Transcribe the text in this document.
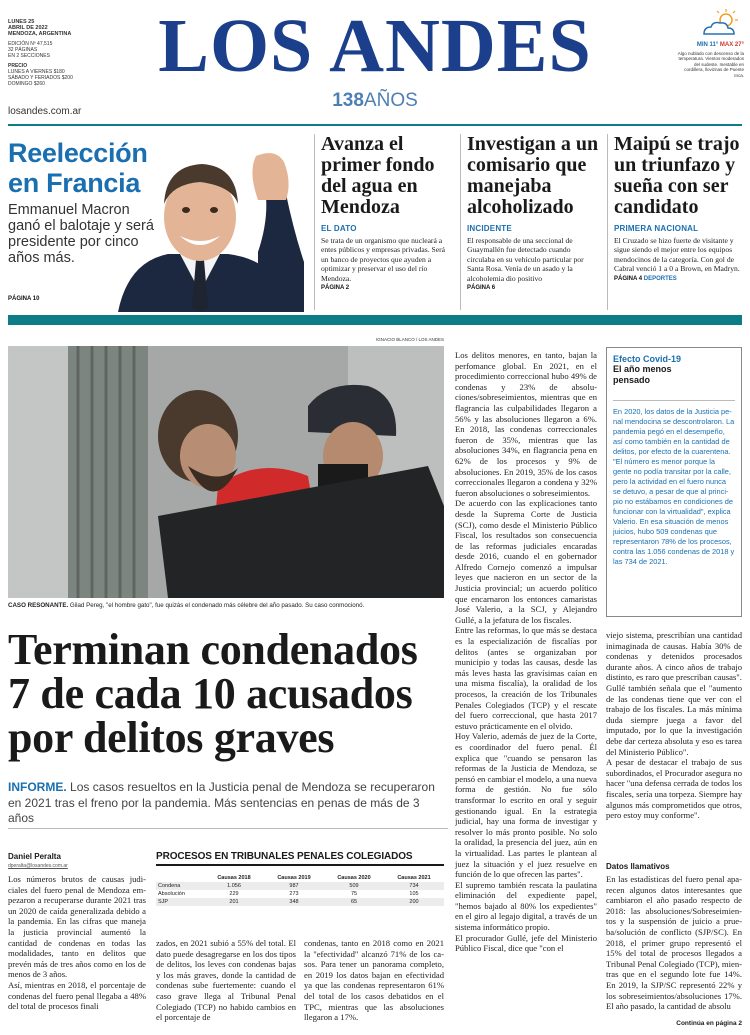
LUNES 25
ABRIL DE 2022
MENDOZA, ARGENTINA
EDICIÓN Nº 47,515
32 PÁGINAS
EN 2 SECCIONES
PRECIO
LUNES A VIERNES $180
SÁBADO Y FERIADOS $200
DOMINGO $260	LOS ANDES
138AÑOS
losandes.com.ar
MIN 11° MAX 27°
Algo nublado con descenso de la temperatura. Vientos moderados del sudeste. Inestable en cordillera, lloviznas de Puente Inca.
Reelección en Francia
Emmanuel Macron ganó el balotaje y será presidente por cinco años más.
PÁGINA 10
Avanza el primer fondo del agua en Mendoza
EL DATO
Se trata de un organismo que nucleará a entes públicos y empresas privadas. Será un banco de proyectos que ayuden a optimizar y preservar el uso del río Mendoza.
PÁGINA 2
Investigan a un comisario que manejaba alcoholizado
INCIDENTE
El responsable de una seccional de Guaymallén fue detectado cuando circulaba en su vehículo particular por Santa Rosa. Venía de un asado y la alcoholemia dio positivo
PÁGINA 6
Maipú se trajo un triunfazo y sueña con ser candidato
PRIMERA NACIONAL
El Cruzado se hizo fuerte de visitante y sigue siendo el mejor entre los equipos mendocinos de la categoría. Con gol de Cabral venció 1 a 0 a Brown, en Madryn.
PÁGINA 4 DEPORTES
IGNACIO BLANCO / LOS ANDES
CASO RESONANTE. Gilad Pereg, "el hombre gato", fue quizás el condenado más célebre del año pasado. Su caso conmocionó.
Terminan condenados 7 de cada 10 acusados por delitos graves
INFORME. Los casos resueltos en la Justicia penal de Mendoza se recuperaron en 2021 tras el freno por la pandemia. Más sentencias en penas de más de 3 años
Daniel Peralta
dperalta@losandes.com.ar
Los números brutos de causas judiciales del fuero penal de Mendoza empezaron a recuperarse durante 2021 tras un 2020 de caída generalizada debido a la pandemia. En las cifras que maneja la justicia provincial aumentó la cantidad de condenas en todas las modalidades, tanto en delitos que prevén más de tres años como en los de menos de 3 años.
Así, mientras en 2018, el porcentaje de condenas del fuero penal llegaba a 48% del total de procesos finali
PROCESOS EN TRIBUNALES PENALES COLEGIADOS
	Causas 2018	Causas 2019	Causas 2020	Causas 2021
Condena	1.056	987	509	734
Absolución	229	273	75	105
SJP	201	348	65	200
zados, en 2021 subió a 55% del total. El dato puede desagregarse en los dos tipos de delitos, los leves con condenas bajas y los más graves, donde la cantidad de condenas sube fuertemente: cuando el caso grave llega al Tribunal Penal Colegiado (TCP) no habido cambios en el porcentaje de
condenas, tanto en 2018 como en 2021 la "efectividad" alcanzó 71% de los casos. Para tener un panorama completo, en 2019 los datos bajan en efectividad ya que las condenas representaron 61% del total de los casos debatidos en el TPC, mientras que las absoluciones llegaron a 17%.
Los delitos menores, en tanto, bajan la perfomance global. En 2021, en el procedimiento correccional hubo 49% de condenas y 23% de absoluciones/sobreseimientos, mientras que en flagrancia las culpabilidades llegaron a 56% y las absoluciones llegaron a 6%. En 2018, las condenas correccionales fueron de 35%, mientras que las absoluciones 34%, en flagrancia pena en 62% de los procesos y 9% de absoluciones. En 2019, 35% de los casos correccionales llegaron a condena y 32% fueron absoluciones o sobreseimientos.
De acuerdo con las explicaciones tanto desde la Suprema Corte de Justicia (SCJ), como desde el Ministerio Público Fiscal, los resultados son consecuencia de las reformas judiciales encaradas desde 2016, cuando el en gobernador Alfredo Cornejo comenzó a impulsar leyes que nacieron en un sector de la Justicia provincial; un acuerdo político que encarnaron los entonces camaristas José Valerio, a la SCJ, y Alejandro Gullé, a la jefatura de los fiscales.
Entre las reformas, lo que más se destaca es la especialización de fiscalías por delitos (antes se organizaban por municipio y todas las causas, desde las más leves hasta las gravísimas caían en una misma fiscalía), la oralidad de los procesos, la creación de los Tribunales Penales Colegiados (TCP) y el rescate del fuero correccional, que hasta 2017 estuvo prácticamente en el olvido.
Hoy Valerio, además de juez de la Corte, es coordinador del fuero penal. Él explica que "cuando se pensaron las reformas de la Justicia de Mendoza, se pensó en cambiar el modelo, a una nueva forma de gestión. No fue sólo transformar lo escrito en oral y seguir gestionando igual. En la estrategia judicial, hay una forma de investigar y resolver lo más pronto posible. No solo la oralidad, la presencia del juez, aún en la virtualidad. Las partes le plantean al juez la situación y el juez resuelve en función de lo que ofrecen las partes".
El supremo también rescata la paulatina eliminación del expediente papel, "hemos bajado al 80% los expedientes" en el giro al legajo digital, a través de un sistema informático propio.
El procurador Gullé, jefe del Ministerio Público Fiscal, dice que "con el
Efecto Covid-19
El año menos pensado
En 2020, los datos de la Justicia penal mendocina se descontrolaron. La pandemia pegó en el desempeño, así como también en la cantidad de delitos, por efecto de la cuarentena. "El número es menor porque la gente no podía transitar por la calle, pero la actividad en el fuero nunca se detuvo, a pesar de que al principio no estábamos en condiciones de funcionar con la virtualidad", explica Valerio. En esa situación de menos juicios, hubo 509 condenas que representaron 78% de los procesos, contra las 1.056 condenas de 2018 y las 734 de 2021.
viejo sistema, prescribían una cantidad inimaginada de causas. Había 30% de condenas y detenidos procesados durante años. A cinco años de trabajo distinto, es raro que prescriban causas".
Gullé también señala que el "aumento de las condenas tiene que ver con el trabajo de los fiscales. La más mínima duda siempre juega a favor del imputado, por lo que la investigación debe dar certeza absoluta y eso es tarea del Ministerio Público".
A pesar de destacar el trabajo de sus subordinados, el Procurador asegura no hacer "una defensa cerrada de todos los fiscales, sería una torpeza. Siempre hay algunos más comprometidos que otros, pero estoy muy conforme".
Datos llamativos
En las estadísticas del fuero penal aparecen algunos datos interesantes que cambiaron el año pasado respecto de 2018: las absoluciones/Sobreseimientos y la suspensión de juicio a prueba/solución de conflicto (SJP/SC). En 2018, el primer grupo representó el 15% del total de procesos llegados a Tribunal Penal Colegiado (TCP), mientras que en el segundo lote fue 14%. En 2019, la SJP/SC representó 22% y los sobreseimientos/absoluciones 17%. El año pasado, la cantidad de absolu
Continúa en página 2
